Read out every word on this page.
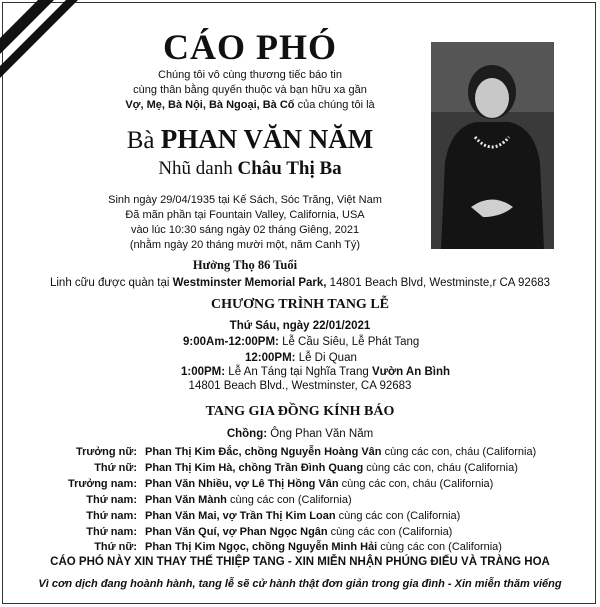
CÁO PHÓ
Chúng tôi vô cùng thương tiếc báo tin
cùng thân bằng quyến thuộc và bạn hữu xa gần
Vợ, Mẹ, Bà Nội, Bà Ngoại, Bà Cố của chúng tôi là
Bà PHAN VĂN NĂM
Nhũ danh Châu Thị Ba
Sinh ngày 29/04/1935 tại Kế Sách, Sóc Trăng, Việt Nam
Đã mãn phần tại Fountain Valley, California, USA
vào lúc 10:30 sáng ngày 02 tháng Giêng, 2021
(nhằm ngày 20 tháng mười một, năm Canh Tý)
Hưởng Thọ 86 Tuổi
Linh cữu được quàn tại Westminster Memorial Park, 14801 Beach Blvd, Westminste,r CA 92683
CHƯƠNG TRÌNH TANG LỄ
Thứ Sáu, ngày 22/01/2021
9:00Am-12:00PM: Lễ Cầu Siêu, Lễ Phát Tang
12:00PM: Lễ Di Quan
1:00PM: Lễ An Táng tại Nghĩa Trang Vườn An Bình
14801 Beach Blvd., Westminster, CA 92683
TANG GIA ĐỒNG KÍNH BÁO
Chồng: Ông Phan Văn Năm
Trưởng nữ: Phan Thị Kim Đắc, chồng Nguyễn Hoàng Vân cùng các con, cháu (California)
Thứ nữ: Phan Thị Kim Hà, chồng Trần Đình Quang cùng các con, cháu (California)
Trưởng nam: Phan Văn Nhiều, vợ Lê Thị Hồng Vân cùng các con, cháu (California)
Thứ nam: Phan Văn Mành cùng các con (California)
Thứ nam: Phan Văn Mai, vợ Trần Thị Kim Loan cùng các con (California)
Thứ nam: Phan Văn Quí, vợ Phan Ngọc Ngân cùng các con (California)
Thứ nữ: Phan Thị Kim Ngọc, chồng Nguyễn Minh Hải cùng các con (California)
CÁO PHÓ NÀY XIN THAY THẾ THIỆP TANG - XIN MIỄN NHẬN PHÚNG ĐIẾU VÀ TRÀNG HOA
Vì cơn dịch đang hoành hành, tang lễ sẽ cử hành thật đơn giản trong gia đình - Xin miễn thăm viếng
